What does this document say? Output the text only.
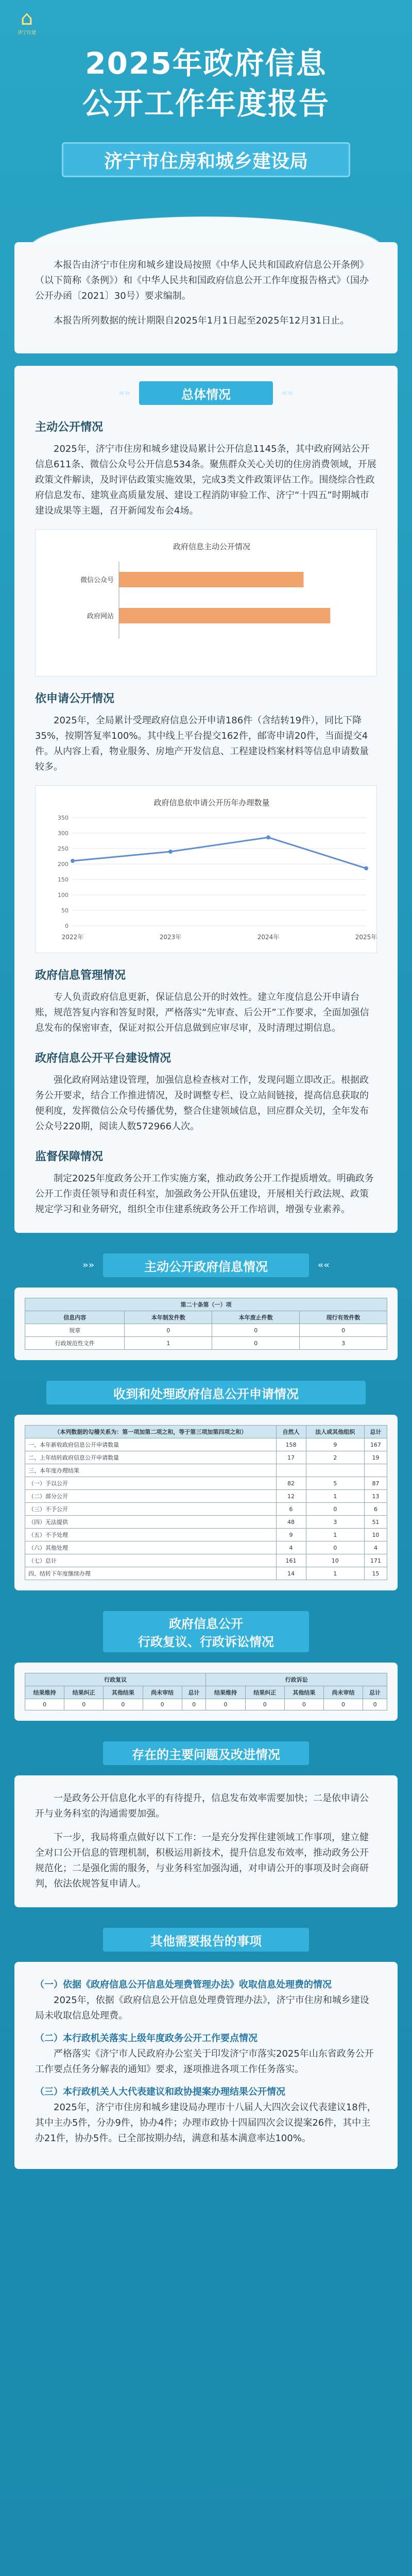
⌂
济宁住建
2025年政府信息
公开工作年度报告
济宁市住房和城乡建设局

本报告由济宁市住房和城乡建设局按照《中华人民共和国政府信息公开条例》（以下简称《条例》）和《中华人民共和国政府信息公开工作年度报告格式》（国办公开办函〔2021〕30号）要求编制。

本报告所列数据的统计期限自2025年1月1日起至2025年12月31日止。

»»	总体情况	««
主动公开情况

2025年，济宁市住房和城乡建设局累计公开信息1145条，其中政府网站公开信息611条、微信公众号公开信息534条。聚焦群众关心关切的住房消费领域，开展政策文件解读，及时评估政策实施效果，完成3类文件政策评估工作。围绕综合性政府信息发布、建筑业高质量发展、建设工程消防审验工作、济宁“十四五”时期城市建设成果等主题，召开新闻发布会4场。

政府信息主动公开情况
微信公众号
政府网站
依申请公开情况

2025年，全局累计受理政府信息公开申请186件（含结转19件），同比下降35%，按期答复率100%。其中线上平台提交162件，邮寄申请20件，当面提交4件。从内容上看，物业服务、房地产开发信息、工程建设档案材料等信息申请数量较多。

政府信息依申请公开历年办理数量
0
50
100
150
200
250
300
350
2022年	2023年	2024年	2025年
政府信息管理情况

专人负责政府信息更新，保证信息公开的时效性。建立年度信息公开申请台账，规范答复内容和答复时限，严格落实“先审查、后公开”工作要求，全面加强信息发布的保密审查，保证对拟公开信息做到应审尽审，及时清理过期信息。

政府信息公开平台建设情况

强化政府网站建设管理，加强信息检查核对工作，发现问题立即改正。根据政务公开要求，结合工作推进情况，及时调整专栏、设立站间链接，提高信息获取的便利度，发挥微信公众号传播优势，整合住建领域信息，回应群众关切，全年发布公众号220期，阅读人数572966人次。

监督保障情况

制定2025年度政务公开工作实施方案，推动政务公开工作提质增效。明确政务公开工作责任领导和责任科室，加强政务公开队伍建设，开展相关行政法规、政策规定学习和业务研究，组织全市住建系统政务公开工作培训，增强专业素养。

»»	主动公开政府信息情况	««
第二十条第（一）项			
信息内容	本年制发件数	本年废止件数	现行有效件数
规章	0	0	0
行政规范性文件	1	0	3
收到和处理政府信息公开申请情况
（本列数据的勾稽关系为：第一项加第二项之和，等于第三项加第四项之和）	自然人	法人或其他组织	总计
一、本年新收政府信息公开申请数量	158	9	167
二、上年结转政府信息公开申请数量	17	2	19
三、本年度办理结果			
（一）予以公开	82	5	87
（二）部分公开	12	1	13
（三）不予公开	6	0	6
（四）无法提供	48	3	51
（五）不予处理	9	1	10
（六）其他处理	4	0	4
（七）总计	161	10	171
四、结转下年度继续办理	14	1	15
政府信息公开
行政复议、行政诉讼情况
行政复议					行政诉讼				
结果维持	结果纠正	其他结果	尚未审结	总计	结果维持	结果纠正	其他结果	尚未审结	总计
0	0	0	0	0	0	0	0	0	0
存在的主要问题及改进情况

一是政务公开信息化水平的有待提升，信息发布效率需要加快；二是依申请公开与业务科室的沟通需要加强。

下一步，我局将重点做好以下工作：一是充分发挥住建领域工作事项，建立健全对口公开信息的管理机制，积极运用新技术，提升信息发布效率，推动政务公开规范化；二是强化需的服务，与业务科室加强沟通，对申请公开的事项及时会商研判，依法依规答复申请人。

其他需要报告的事项
（一）依据《政府信息公开信息处理费管理办法》收取信息处理费的情况
2025年，依据《政府信息公开信息处理费管理办法》，济宁市住房和城乡建设局未收取信息处理费。
（二）本行政机关落实上级年度政务公开工作要点情况
严格落实《济宁市人民政府办公室关于印发济宁市落实2025年山东省政务公开工作要点任务分解表的通知》要求，逐项推进各项工作任务落实。
（三）本行政机关人大代表建议和政协提案办理结果公开情况
2025年，济宁市住房和城乡建设局办理市十八届人大四次会议代表建议18件，其中主办5件，分办9件，协办4件；办理市政协十四届四次会议提案26件，其中主办21件，协办5件。已全部按期办结，满意和基本满意率达100%。
